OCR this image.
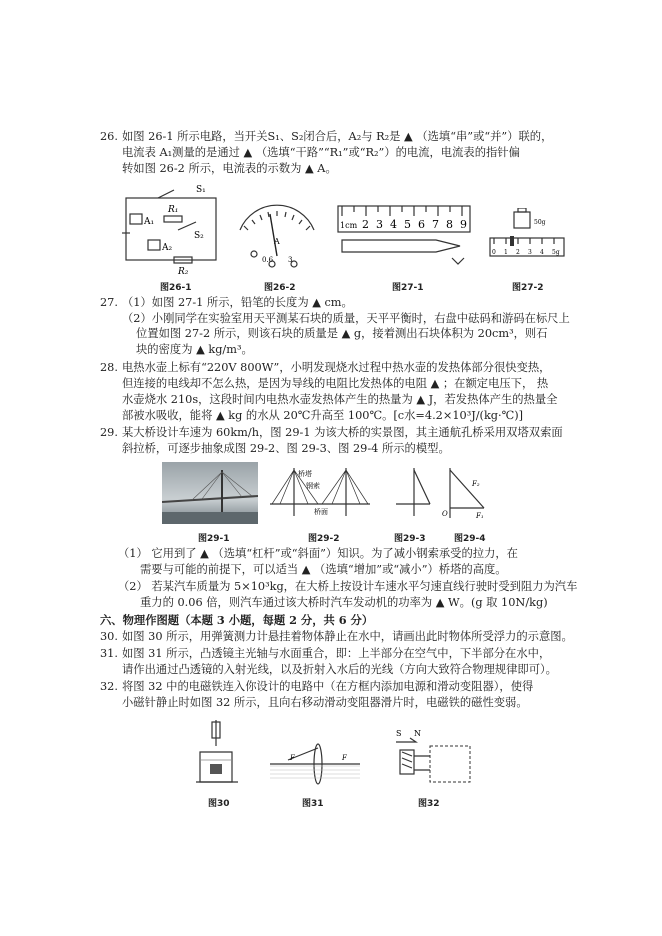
26. 如图 26-1 所示电路，当开关S₁、S₂闭合后，A₂与 R₂是 ▲ （选填“串”或“并”）联的，
电流表 A₁测量的是通过 ▲ （选填“干路”“R₁”或“R₂”）的电流，电流表的指针偏
转如图 26-2 所示，电流表的示数为 ▲ A。
S₁
S₂
A₁
R₁
A₂
R₂
A
0.6 3
1cm 2 3 4 5 6 7 8 9	50g
0 1 2 3 4 5g
图26-1	图26-2	图27-1	图27-2
27. （1）如图 27-1 所示，铅笔的长度为 ▲ cm。
（2）小刚同学在实验室用天平测某石块的质量，天平平衡时，右盘中砝码和游码在标尺上
位置如图 27-2 所示，则该石块的质量是 ▲ g，接着测出石块体积为 20cm³，则石
块的密度为 ▲ kg/m³。
28. 电热水壶上标有“220V 800W”，小明发现烧水过程中热水壶的发热体部分很快变热，
但连接的电线却不怎么热，是因为导线的电阻比发热体的电阻 ▲ ；在额定电压下， 热
水壶烧水 210s，这段时间内电热水壶发热体产生的热量为 ▲ J，若发热体产生的热量全
部被水吸收，能将 ▲ kg 的水从 20℃升高至 100℃。[c水=4.2×10³J/(kg·℃)]
29. 某大桥设计车速为 60km/h，图 29-1 为该大桥的实景图，其主通航孔桥采用双塔双索面
斜拉桥，可逐步抽象成图 29-2、图 29-3、图 29-4 所示的模型。
桥塔
钢索
桥面	O
F₂
F₁
图29-1	图29-2	图29-3	图29-4
（1） 它用到了 ▲ （选填“杠杆”或“斜面”）知识。为了减小钢索承受的拉力，在
需要与可能的前提下，可以适当 ▲ （选填“增加”或“减小”）桥塔的高度。
（2） 若某汽车质量为 5×10³kg，在大桥上按设计车速水平匀速直线行驶时受到阻力为汽车
重力的 0.06 倍，则汽车通过该大桥时汽车发动机的功率为 ▲ W。(g 取 10N/kg)
六、物理作图题（本题 3 小题，每题 2 分，共 6 分）
30. 如图 30 所示，用弹簧测力计悬挂着物体静止在水中，请画出此时物体所受浮力的示意图。
31. 如图 31 所示，凸透镜主光轴与水面重合，即：上半部分在空气中，下半部分在水中，
请作出通过凸透镜的入射光线，以及折射入水后的光线（方向大致符合物理规律即可）。
32. 将图 32 中的电磁铁连入你设计的电路中（在方框内添加电源和滑动变阻器），使得
小磁针静止时如图 32 所示，且向右移动滑动变阻器滑片时，电磁铁的磁性变弱。
F	F
S N
图30	图31	图32
